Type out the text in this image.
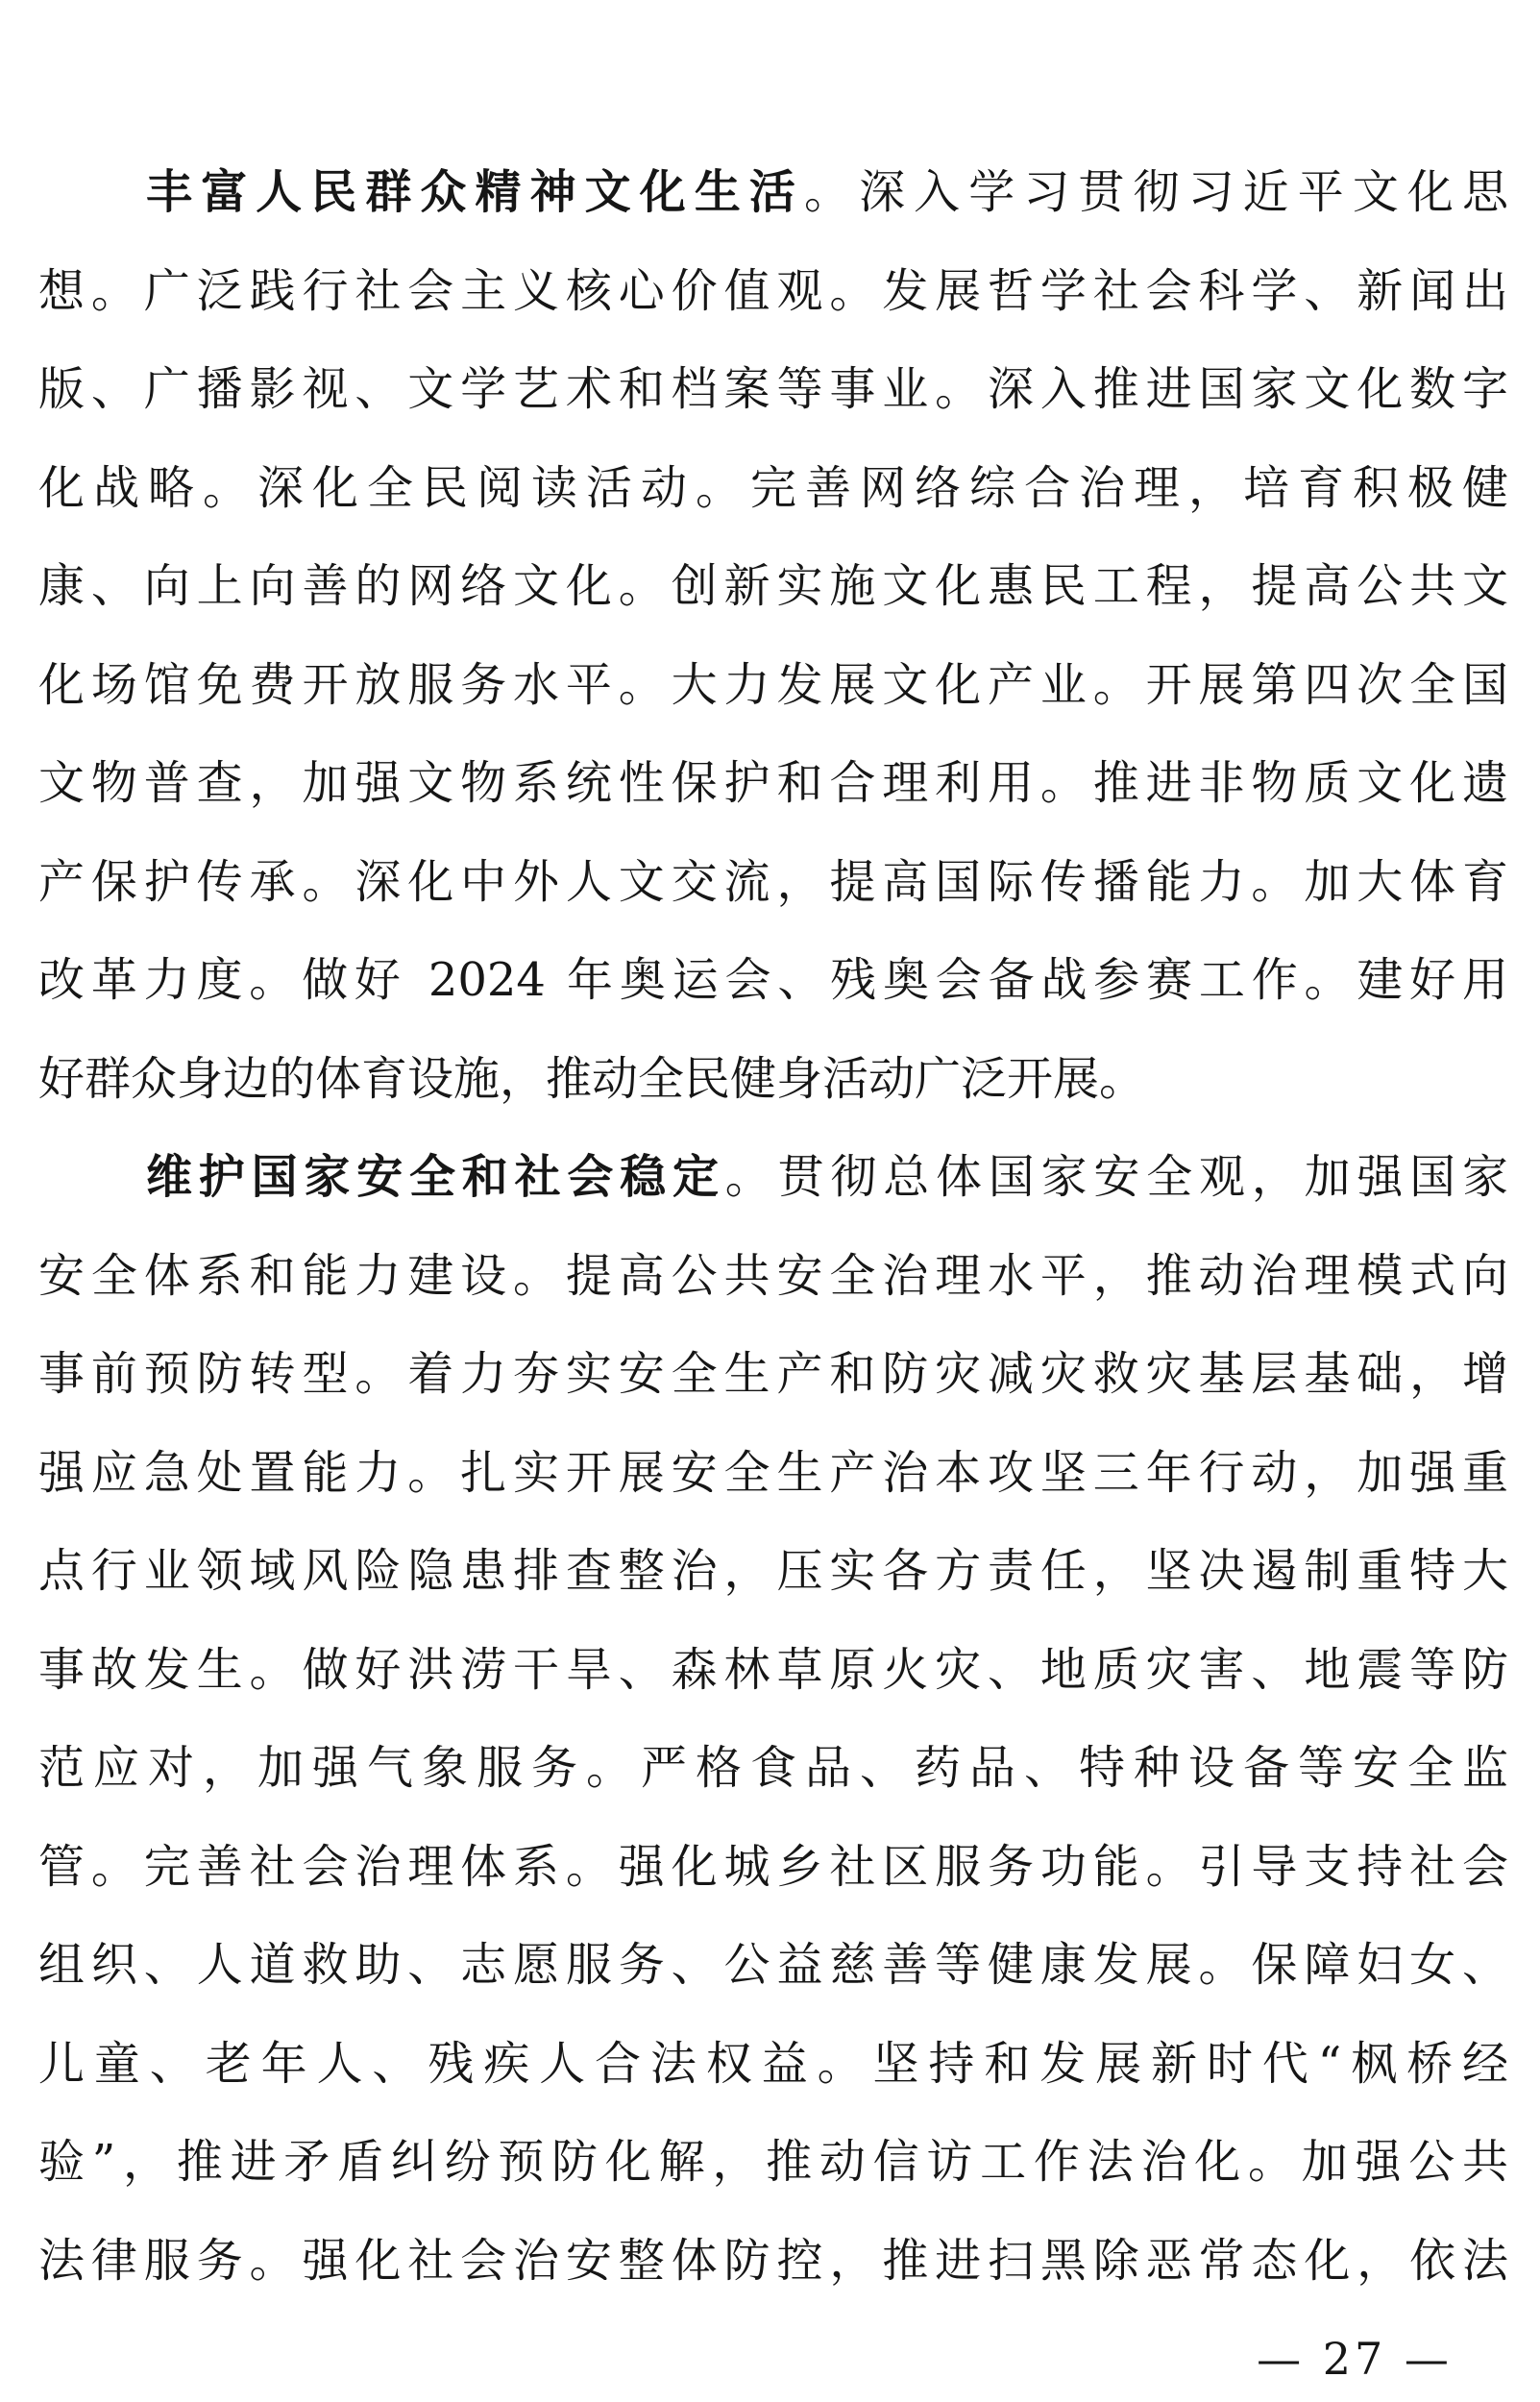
丰富人民群众精神文化生活。深入学习贯彻习近平文化思
想。广泛践行社会主义核心价值观。发展哲学社会科学、新闻出
版、广播影视、文学艺术和档案等事业。深入推进国家文化数字
化战略。深化全民阅读活动。完善网络综合治理，培育积极健
康、向上向善的网络文化。创新实施文化惠民工程，提高公共文
化场馆免费开放服务水平。大力发展文化产业。开展第四次全国
文物普查，加强文物系统性保护和合理利用。推进非物质文化遗
产保护传承。深化中外人文交流，提高国际传播能力。加大体育
改革力度。做好 2024 年奥运会、残奥会备战参赛工作。建好用
好群众身边的体育设施，推动全民健身活动广泛开展。
维护国家安全和社会稳定。贯彻总体国家安全观，加强国家
安全体系和能力建设。提高公共安全治理水平，推动治理模式向
事前预防转型。着力夯实安全生产和防灾减灾救灾基层基础，增
强应急处置能力。扎实开展安全生产治本攻坚三年行动，加强重
点行业领域风险隐患排查整治，压实各方责任，坚决遏制重特大
事故发生。做好洪涝干旱、森林草原火灾、地质灾害、地震等防
范应对，加强气象服务。严格食品、药品、特种设备等安全监
管。完善社会治理体系。强化城乡社区服务功能。引导支持社会
组织、人道救助、志愿服务、公益慈善等健康发展。保障妇女、
儿童、老年人、残疾人合法权益。坚持和发展新时代“枫桥经
验”，推进矛盾纠纷预防化解，推动信访工作法治化。加强公共
法律服务。强化社会治安整体防控，推进扫黑除恶常态化，依法
— 27 —
